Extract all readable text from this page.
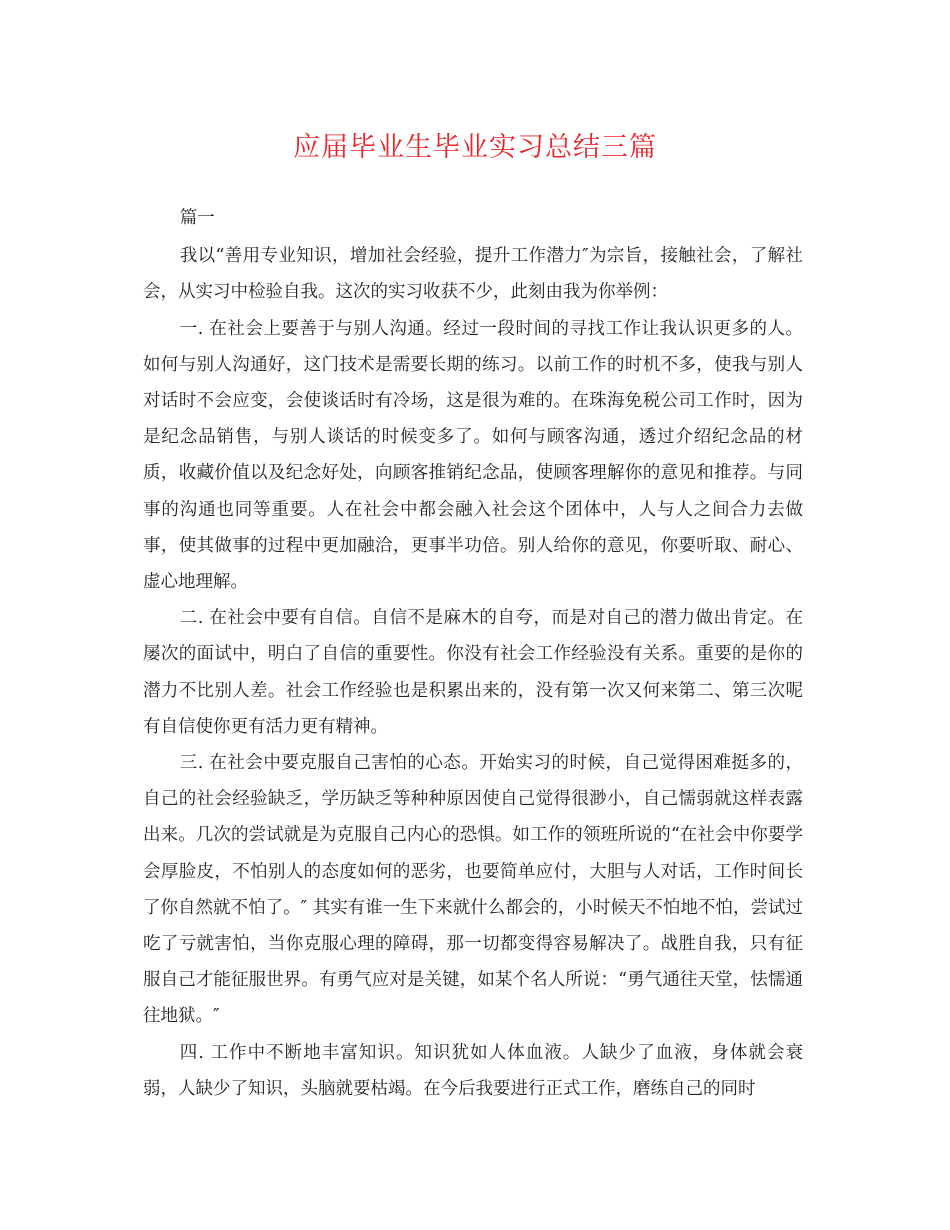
应届毕业生毕业实习总结三篇

篇一

我以“善用专业知识，增加社会经验，提升工作潜力″为宗旨，接触社会，了解社会，从实习中检验自我。这次的实习收获不少，此刻由我为你举例：

一. 在社会上要善于与别人沟通。经过一段时间的寻找工作让我认识更多的人。如何与别人沟通好，这门技术是需要长期的练习。以前工作的时机不多，使我与别人对话时不会应变，会使谈话时有冷场，这是很为难的。在珠海免税公司工作时，因为是纪念品销售，与别人谈话的时候变多了。如何与顾客沟通，透过介绍纪念品的材质，收藏价值以及纪念好处，向顾客推销纪念品，使顾客理解你的意见和推荐。与同事的沟通也同等重要。人在社会中都会融入社会这个团体中，人与人之间合力去做事，使其做事的过程中更加融洽，更事半功倍。别人给你的意见，你要听取、耐心、虚心地理解。

二. 在社会中要有自信。自信不是麻木的自夸，而是对自己的潜力做出肯定。在屡次的面试中，明白了自信的重要性。你没有社会工作经验没有关系。重要的是你的潜力不比别人差。社会工作经验也是积累出来的，没有第一次又何来第二、第三次呢有自信使你更有活力更有精神。

三. 在社会中要克服自己害怕的心态。开始实习的时候，自己觉得困难挺多的，自己的社会经验缺乏，学历缺乏等种种原因使自己觉得很渺小，自己懦弱就这样表露出来。几次的尝试就是为克服自己内心的恐惧。如工作的领班所说的“在社会中你要学会厚脸皮，不怕别人的态度如何的恶劣，也要简单应付，大胆与人对话，工作时间长了你自然就不怕了。″ 其实有谁一生下来就什么都会的，小时候天不怕地不怕，尝试过吃了亏就害怕，当你克服心理的障碍，那一切都变得容易解决了。战胜自我，只有征服自己才能征服世界。有勇气应对是关键，如某个名人所说：“勇气通往天堂，怯懦通往地狱。″

四. 工作中不断地丰富知识。知识犹如人体血液。人缺少了血液，身体就会衰弱，人缺少了知识，头脑就要枯竭。在今后我要进行正式工作，磨练自己的同时
